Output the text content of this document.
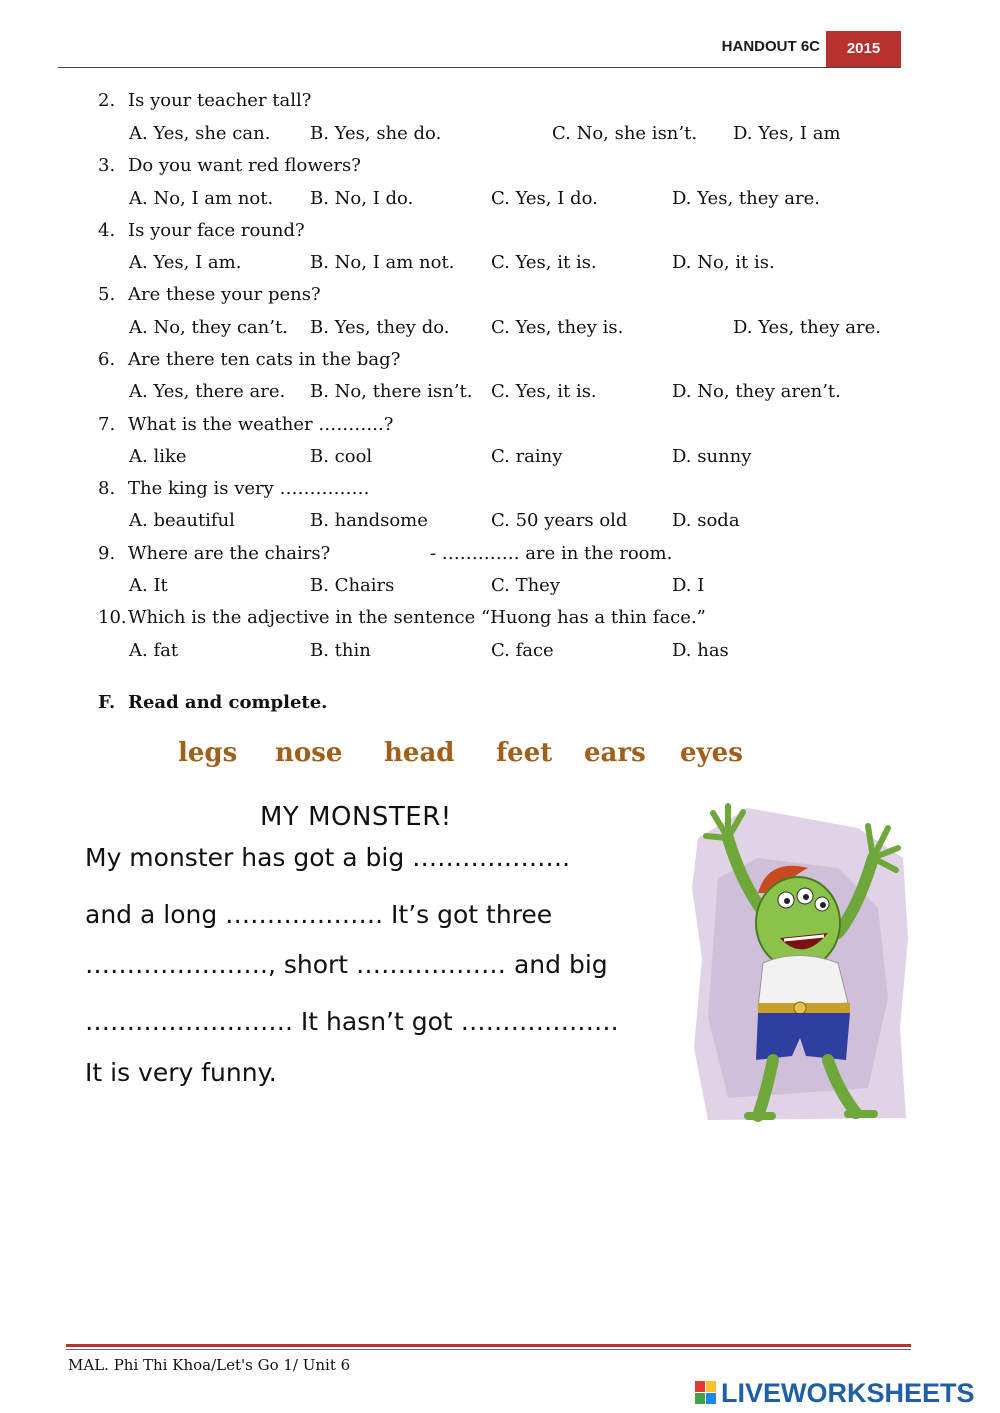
HANDOUT 6C	2015
2. Is your teacher tall?
A. Yes, she can. B. Yes, she do.	C. No, she isn’t. D. Yes, I am
3. Do you want red flowers?
A. No, I am not. B. No, I do.	C. Yes, I do.	D. Yes, they are.
4. Is your face round?
A. Yes, I am.	B. No, I am not. C. Yes, it is.	D. No, it is.
5. Are these your pens?
A. No, they can’t. B. Yes, they do. C. Yes, they is.	D. Yes, they are.
6. Are there ten cats in the bag?
A. Yes, there are. B. No, there isn’t. C. Yes, it is.	D. No, they aren’t.
7. What is the weather ………..?
A. like	B. cool	C. rainy	D. sunny
8. The king is very ……………
A. beautiful	B. handsome	C. 50 years old D. soda
9. Where are the chairs?	- …………. are in the room.
A. It	B. Chairs	C. They	D. I
10.Which is the adjective in the sentence “Huong has a thin face.”
A. fat	B. thin	C. face	D. has
F. Read and complete.
legs nose head feet ears eyes
MY MONSTER!
My monster has got a big ……………….
and a long ………………. It’s got three
…………………., short ……………… and big
……………………. It hasn’t got ……………….
It is very funny.
MAL. Phi Thi Khoa/Let's Go 1/ Unit 6
LIVEWORKSHEETS
